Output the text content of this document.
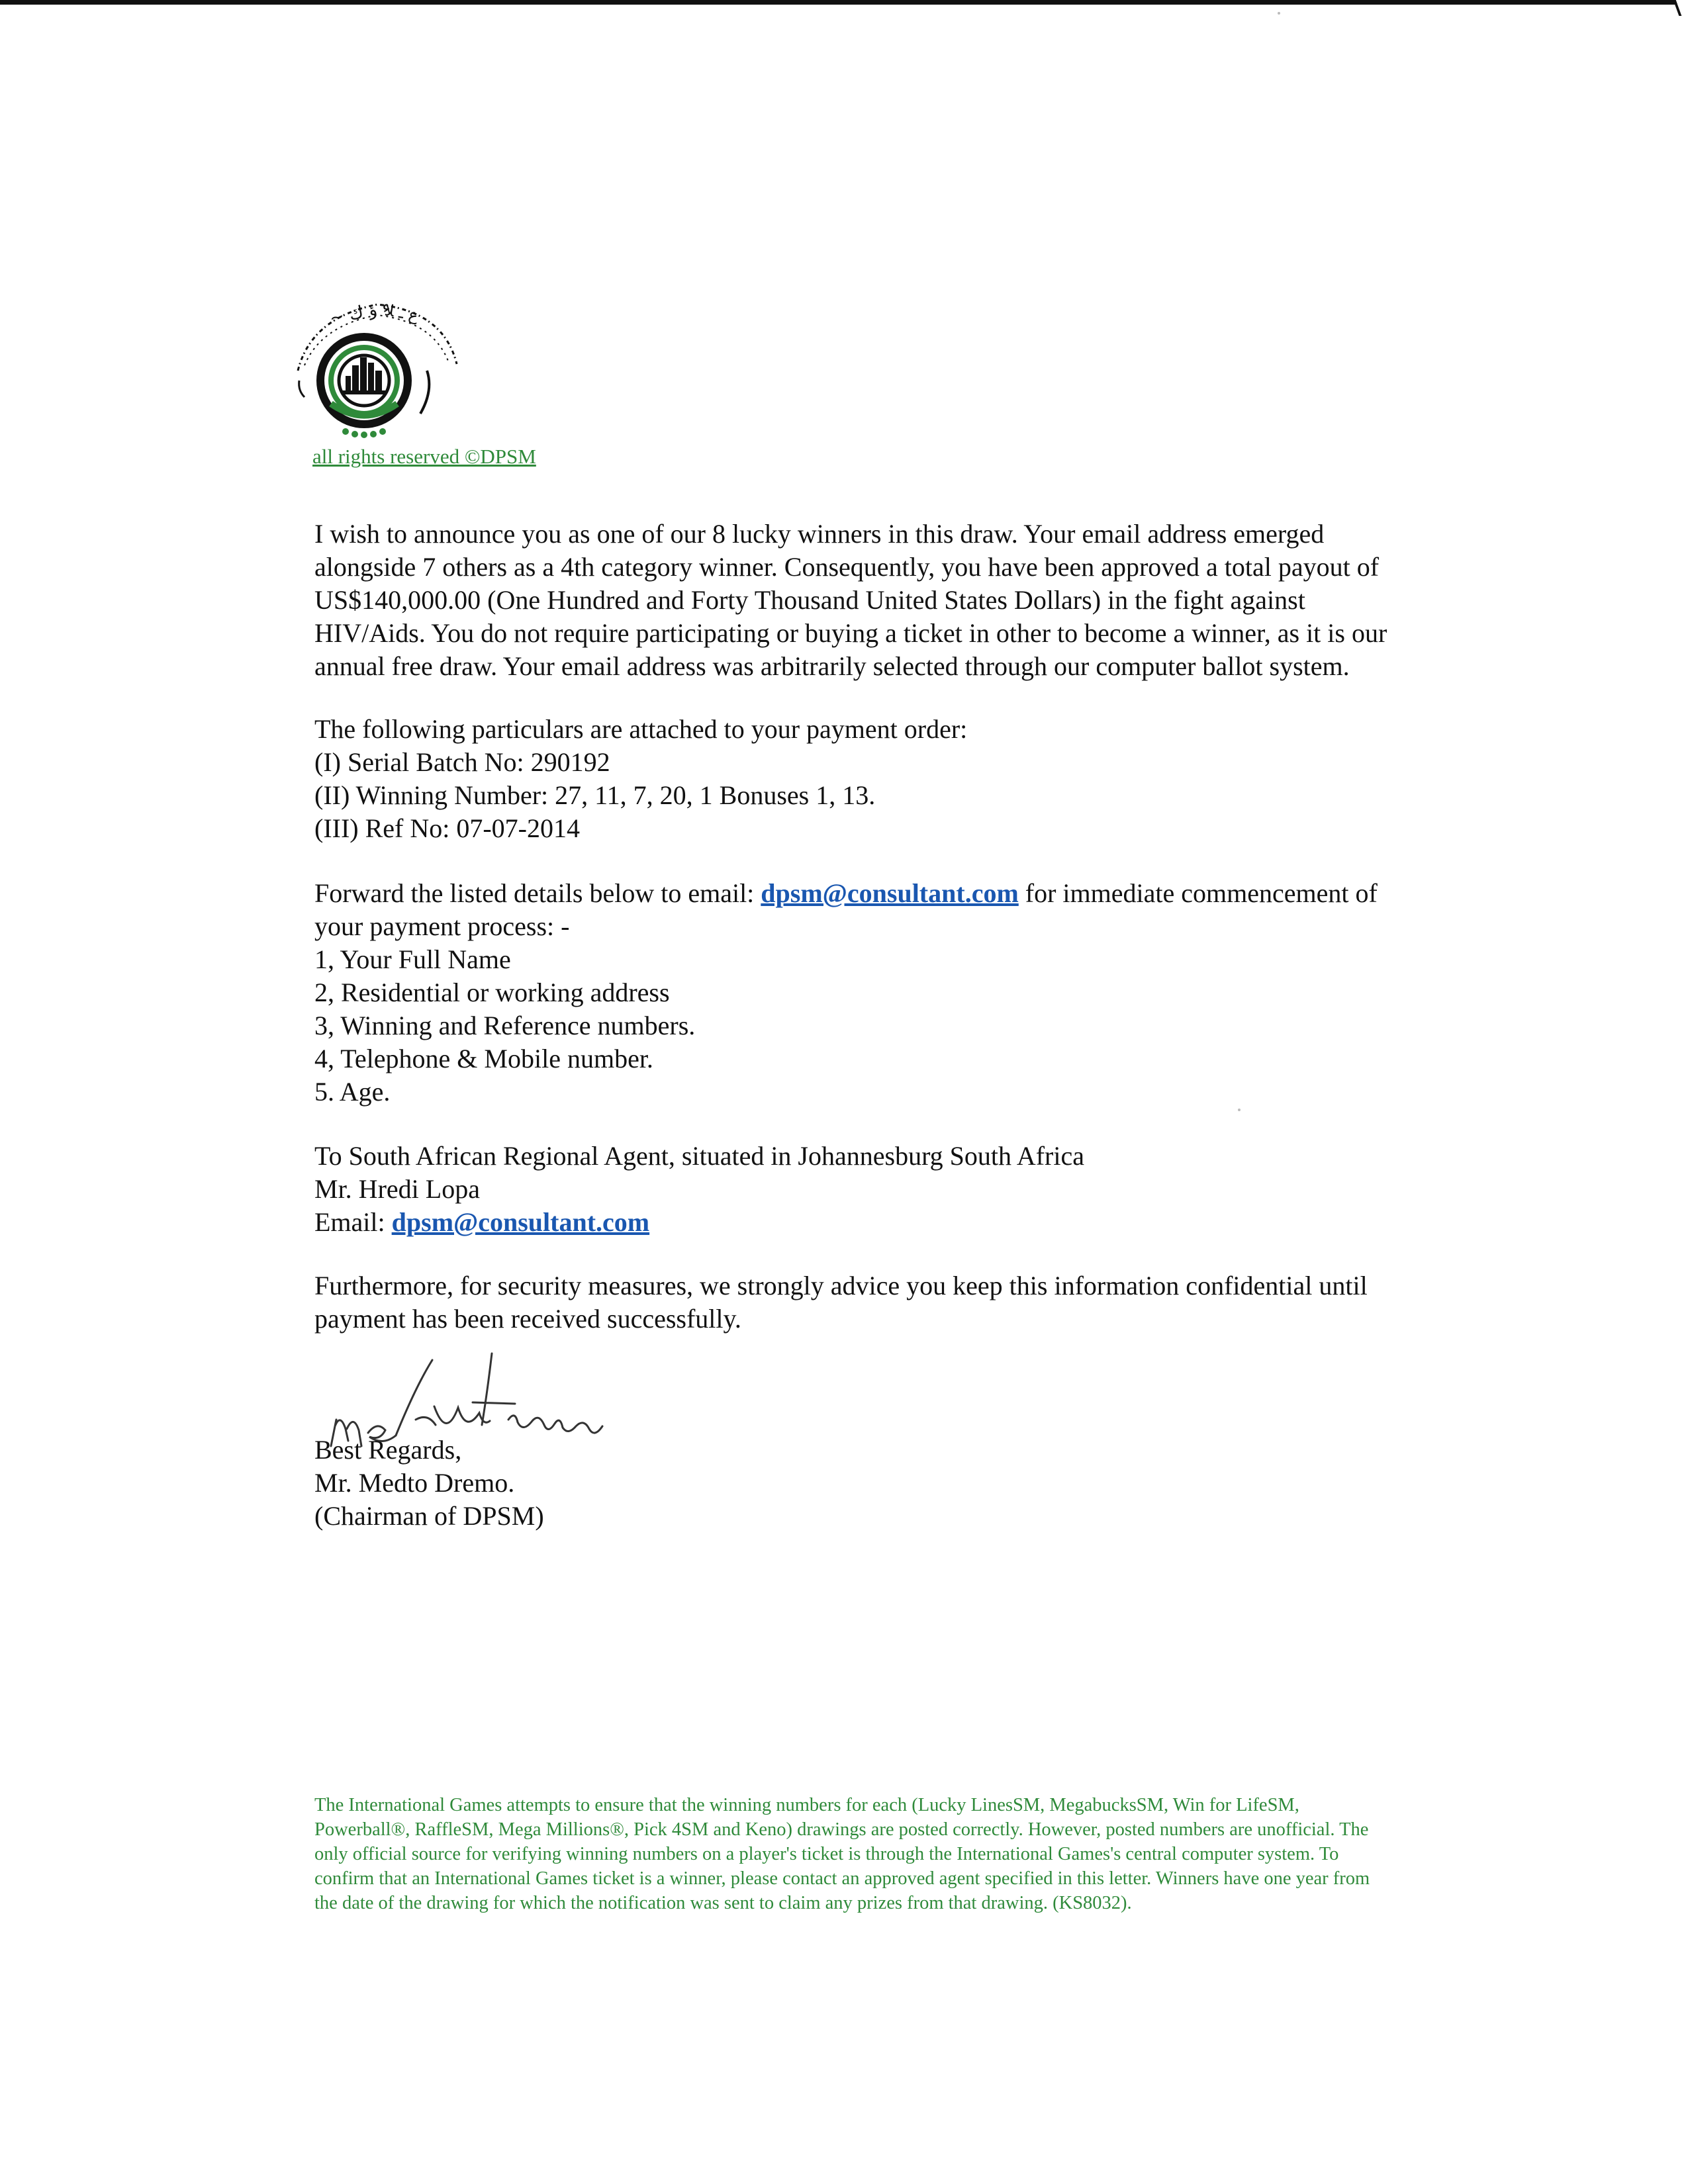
~ ء ؤ ك
ع ـ ﻼ
all rights reserved ©DPSM

I wish to announce you as one of our 8 lucky winners in this draw. Your email address emerged

alongside 7 others as a 4th category winner. Consequently, you have been approved a total payout of

US$140,000.00 (One Hundred and Forty Thousand United States Dollars) in the fight against

HIV/Aids. You do not require participating or buying a ticket in other to become a winner, as it is our

annual free draw. Your email address was arbitrarily selected through our computer ballot system.

The following particulars are attached to your payment order:

(I) Serial Batch No: 290192

(II) Winning Number: 27, 11, 7, 20, 1 Bonuses 1, 13.

(III) Ref No: 07-07-2014

Forward the listed details below to email: dpsm@consultant.com for immediate commencement of

your payment process: -

1, Your Full Name

2, Residential or working address

3, Winning and Reference numbers.

4, Telephone & Mobile number.

5. Age.

To South African Regional Agent, situated in Johannesburg South Africa

Mr. Hredi Lopa

Email: dpsm@consultant.com

Furthermore, for security measures, we strongly advice you keep this information confidential until

payment has been received successfully.

Best Regards,

Mr. Medto Dremo.

(Chairman of DPSM)

The International Games attempts to ensure that the winning numbers for each (Lucky LinesSM, MegabucksSM, Win for LifeSM,
Powerball®, RaffleSM, Mega Millions®, Pick 4SM and Keno) drawings are posted correctly. However, posted numbers are unofficial. The
only official source for verifying winning numbers on a player's ticket is through the International Games's central computer system. To
confirm that an International Games ticket is a winner, please contact an approved agent specified in this letter. Winners have one year from
the date of the drawing for which the notification was sent to claim any prizes from that drawing. (KS8032).
